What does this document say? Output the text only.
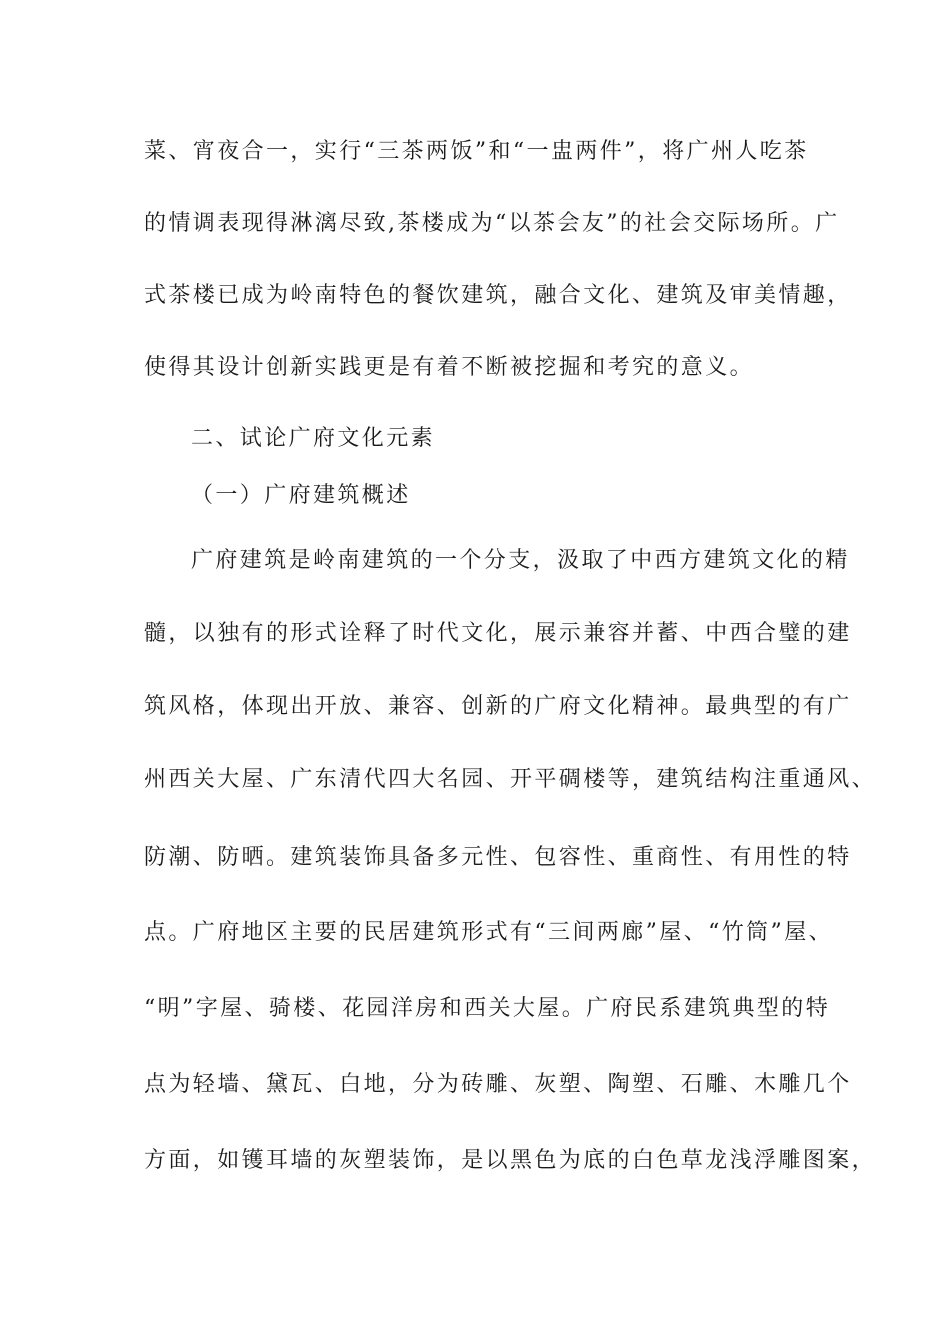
菜、宵夜合一，实行“三茶两饭”和“一盅两件”，将广州人吃茶
的情调表现得淋漓尽致,茶楼成为“以茶会友”的社会交际场所。广
式茶楼已成为岭南特色的餐饮建筑，融合文化、建筑及审美情趣，
使得其设计创新实践更是有着不断被挖掘和考究的意义。
二、试论广府文化元素
（一）广府建筑概述
广府建筑是岭南建筑的一个分支，汲取了中西方建筑文化的精
髓，以独有的形式诠释了时代文化，展示兼容并蓄、中西合璧的建
筑风格，体现出开放、兼容、创新的广府文化精神。最典型的有广
州西关大屋、广东清代四大名园、开平碉楼等，建筑结构注重通风、
防潮、防晒。建筑装饰具备多元性、包容性、重商性、有用性的特
点。广府地区主要的民居建筑形式有“三间两廊”屋、“竹筒”屋、
“明”字屋、骑楼、花园洋房和西关大屋。广府民系建筑典型的特
点为轻墙、黛瓦、白地，分为砖雕、灰塑、陶塑、石雕、木雕几个
方面，如镬耳墙的灰塑装饰，是以黑色为底的白色草龙浅浮雕图案，
